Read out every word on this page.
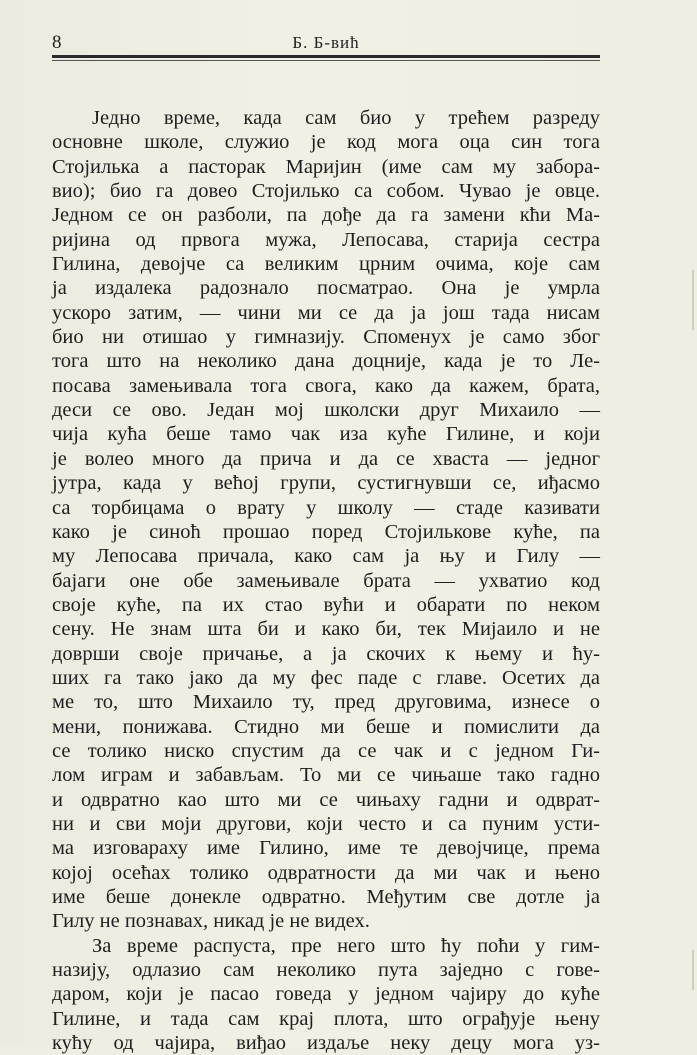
8	Б. Б-вић
Једно време, када сам био у трећем разреду
основне школе, служио је код мога оца син тога
Стојилька а пасторак Маријин (име сам му забора-
вио); био га довео Стојилько са собом. Чувао је овце.
Једном се он разболи, па дође да га замени кћи Ма-
ријина од првога мужа, Лепосава, старија сестра
Гилина, девојче са великим црним очима, које сам
ја издалека радознало посматрао. Она је умрла
ускоро затим, — чини ми се да ја још тада нисам
био ни отишао у гимназију. Споменух је само због
тога што на неколико дана доцније, када је то Ле-
посава замењивала тога свога, како да кажем, брата,
деси се ово. Један мој школски друг Михаило —
чија кућа беше тамо чак иза куће Гилине, и који
је волео много да прича и да се хваста — једног
јутра, када у већој групи, сустигнувши се, иђасмо
са торбицама о врату у школу — стаде казивати
како је синоћ прошао поред Стојилькове куће, па
му Лепосава причала, како сам ја њу и Гилу —
бајаги оне обе замењивале брата — ухватио код
своје куће, па их стао вући и обарати по неком
сену. Не знам шта би и како би, тек Мијаило и не
доврши своје причање, а ја скочих к њему и ћу-
ших га тако јако да му фес паде с главе. Осетих да
ме то, што Михаило ту, пред друговима, изнесе о
мени, понижава. Стидно ми беше и помислити да
се толико ниско спустим да се чак и с једном Ги-
лом играм и забављам. То ми се чињаше тако гадно
и одвратно као што ми се чињаху гадни и одврат-
ни и сви моји другови, који често и са пуним усти-
ма изговараху име Гилино, име те девојчице, према
којој осећах толико одвратности да ми чак и њено
име беше донекле одвратно. Међутим све дотле ја
Гилу не познавах, никад је не видех.
За време распуста, пре него што ћу поћи у гим-
назију, одлазио сам неколико пута заједно с гове-
даром, који је пасао говеда у једном чајиру до куће
Гилине, и тада сам крај плота, што ограђује њену
кућу од чајира, виђао издаље неку децу мога уз-
